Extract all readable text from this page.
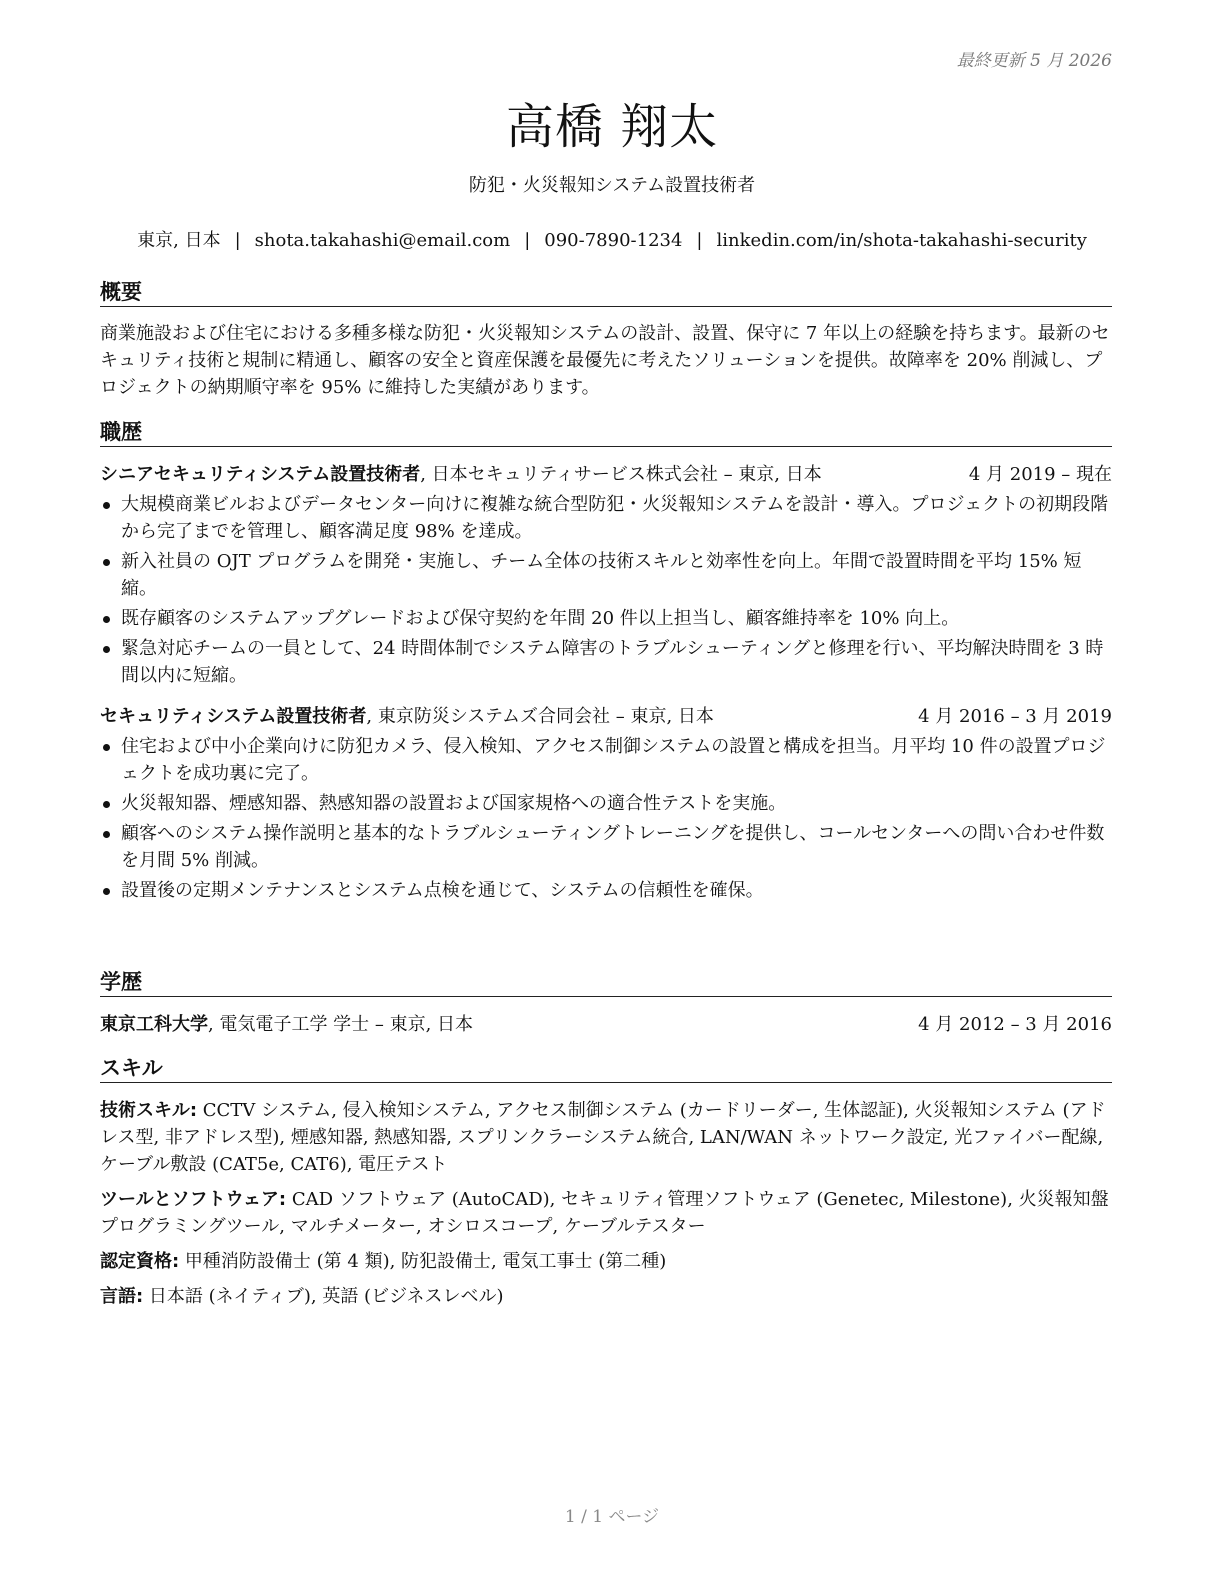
最終更新 5 月 2026
高橋 翔太
防犯・火災報知システム設置技術者
東京, 日本 | shota.takahashi@email.com | 090-7890-1234 | linkedin.com/in/shota-takahashi-security
概要

商業施設および住宅における多種多様な防犯・火災報知システムの設計、設置、保守に 7 年以上の経験を持ちます。最新のセキュリティ技術と規制に精通し、顧客の安全と資産保護を最優先に考えたソリューションを提供。故障率を 20% 削減し、プロジェクトの納期順守率を 95% に維持した実績があります。

職歴
シニアセキュリティシステム設置技術者, 日本セキュリティサービス株式会社 – 東京, 日本	4 月 2019 – 現在
大規模商業ビルおよびデータセンター向けに複雑な統合型防犯・火災報知システムを設計・導入。プロジェクトの初期段階から完了までを管理し、顧客満足度 98% を達成。
新入社員の OJT プログラムを開発・実施し、チーム全体の技術スキルと効率性を向上。年間で設置時間を平均 15% 短縮。
既存顧客のシステムアップグレードおよび保守契約を年間 20 件以上担当し、顧客維持率を 10% 向上。
緊急対応チームの一員として、24 時間体制でシステム障害のトラブルシューティングと修理を行い、平均解決時間を 3 時間以内に短縮。
セキュリティシステム設置技術者, 東京防災システムズ合同会社 – 東京, 日本	4 月 2016 – 3 月 2019
住宅および中小企業向けに防犯カメラ、侵入検知、アクセス制御システムの設置と構成を担当。月平均 10 件の設置プロジェクトを成功裏に完了。
火災報知器、煙感知器、熱感知器の設置および国家規格への適合性テストを実施。
顧客へのシステム操作説明と基本的なトラブルシューティングトレーニングを提供し、コールセンターへの問い合わせ件数を月間 5% 削減。
設置後の定期メンテナンスとシステム点検を通じて、システムの信頼性を確保。
学歴
東京工科大学, 電気電子工学 学士 – 東京, 日本	4 月 2012 – 3 月 2016
スキル
技術スキル: CCTV システム, 侵入検知システム, アクセス制御システム (カードリーダー, 生体認証), 火災報知システム (アドレス型, 非アドレス型), 煙感知器, 熱感知器, スプリンクラーシステム統合, LAN/WAN ネットワーク設定, 光ファイバー配線, ケーブル敷設 (CAT5e, CAT6), 電圧テスト
ツールとソフトウェア: CAD ソフトウェア (AutoCAD), セキュリティ管理ソフトウェア (Genetec, Milestone), 火災報知盤プログラミングツール, マルチメーター, オシロスコープ, ケーブルテスター
認定資格: 甲種消防設備士 (第 4 類), 防犯設備士, 電気工事士 (第二種)
言語: 日本語 (ネイティブ), 英語 (ビジネスレベル)
1 / 1 ページ
